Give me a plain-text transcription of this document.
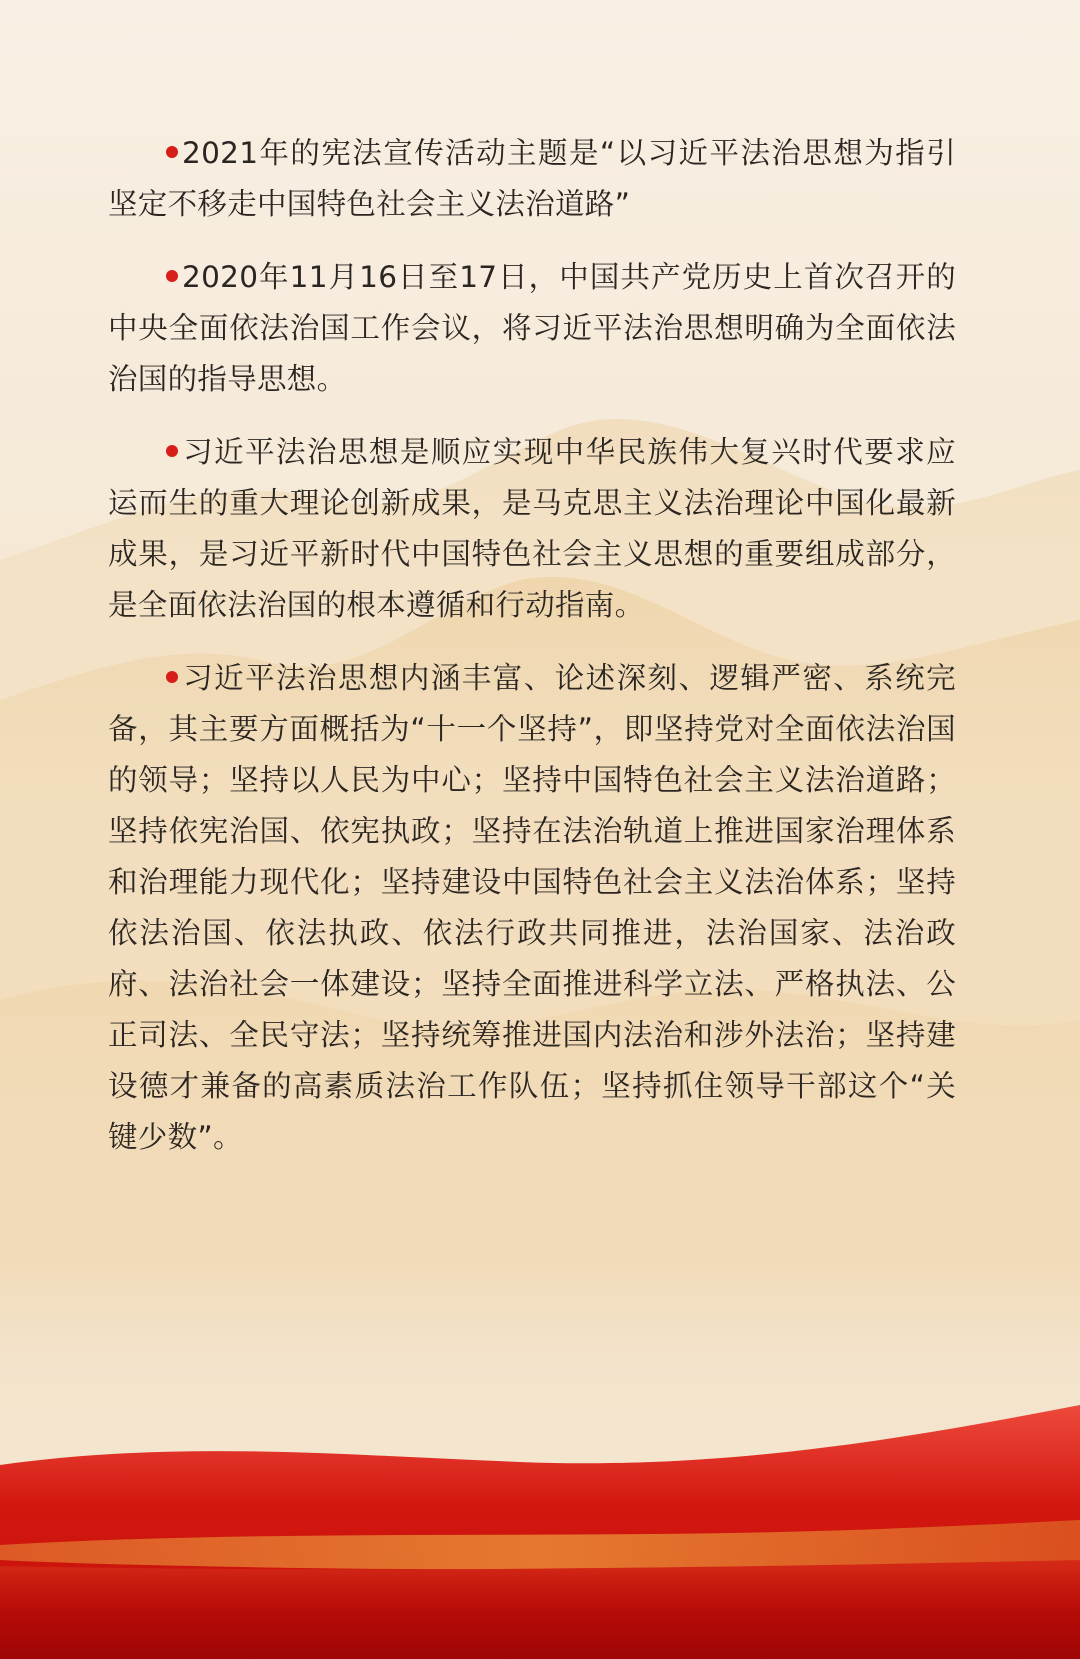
2021年的宪法宣传活动主题是“以习近平法治思想为指引 坚定不移走中国特色社会主义法治道路”

2020年11月16日至17日，中国共产党历史上首次召开的中央全面依法治国工作会议，将习近平法治思想明确为全面依法治国的指导思想。

习近平法治思想是顺应实现中华民族伟大复兴时代要求应运而生的重大理论创新成果，是马克思主义法治理论中国化最新成果，是习近平新时代中国特色社会主义思想的重要组成部分，是全面依法治国的根本遵循和行动指南。

习近平法治思想内涵丰富、论述深刻、逻辑严密、系统完备，其主要方面概括为“十一个坚持”，即坚持党对全面依法治国的领导；坚持以人民为中心；坚持中国特色社会主义法治道路；坚持依宪治国、依宪执政；坚持在法治轨道上推进国家治理体系和治理能力现代化；坚持建设中国特色社会主义法治体系；坚持依法治国、依法执政、依法行政共同推进，法治国家、法治政府、法治社会一体建设；坚持全面推进科学立法、严格执法、公正司法、全民守法；坚持统筹推进国内法治和涉外法治；坚持建设德才兼备的高素质法治工作队伍；坚持抓住领导干部这个“关键少数”。
